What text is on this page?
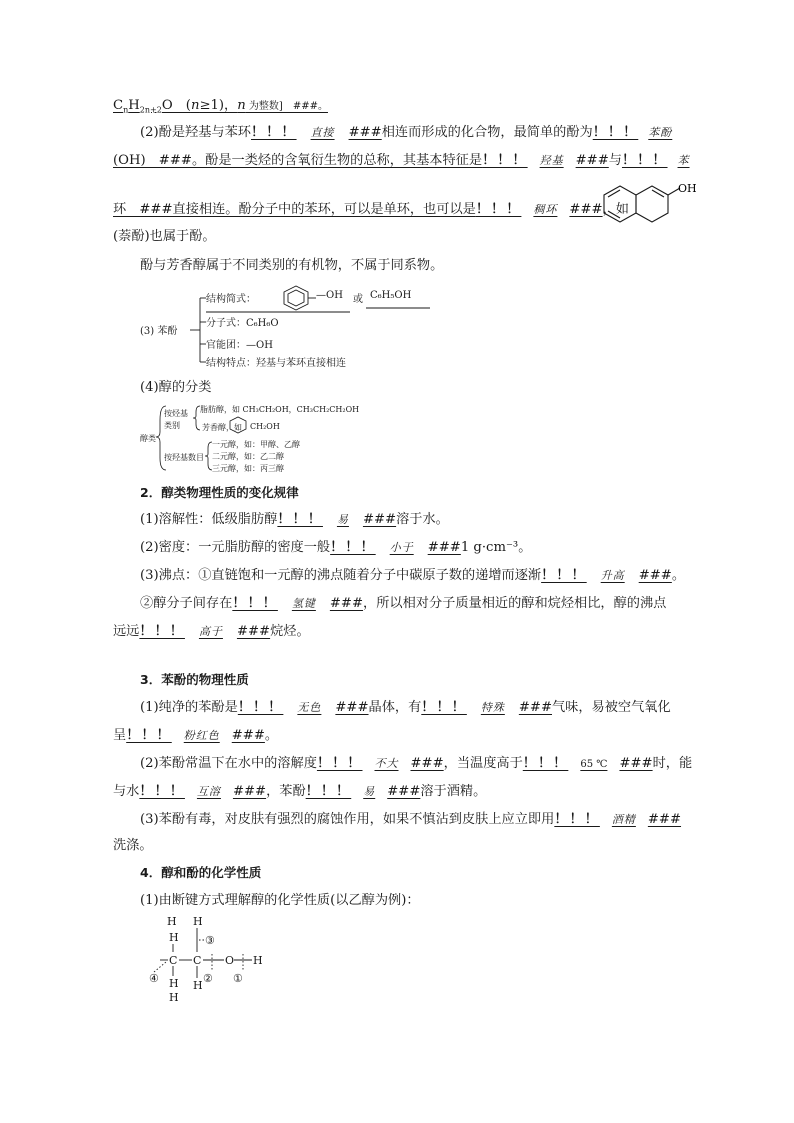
$C_nH_{2n+2}O$　(n≥1)，n 为整数]　###。
(2)酚是羟基与苯环！！！ 直接 ###相连而形成的化合物，最简单的酚为！！！ 苯酚
(OH)　###。酚是一类烃的含氧衍生物的总称，其基本特征是！！！ 羟基 ###与！！！ 苯
环　###直接相连。酚分子中的苯环，可以是单环，也可以是！！！ 稠环 ###，如
OH
(萘酚)也属于酚。
酚与芳香醇属于不同类别的有机物，不属于同系物。
(3) 苯酚
结构简式：	—OH 或 C₆H₅OH
分子式：C₆H₆O
官能团：—OH
结构特点：羟基与苯环直接相连
(4)醇的分类
醇类
按烃基
类别
脂肪醇，如 CH₃CH₂OH，CH₃CH₂CH₂OH
芳香醇，如 CH₂OH
按羟基数目
一元醇，如：甲醇、乙醇
二元醇，如：乙二醇
三元醇，如：丙三醇
2．醇类物理性质的变化规律
(1)溶解性：低级脂肪醇！！！ 易 ###溶于水。
(2)密度：一元脂肪醇的密度一般！！！ 小于 ###1 g·cm⁻³。
(3)沸点：①直链饱和一元醇的沸点随着分子中碳原子数的递增而逐渐！！！ 升高 ###。
②醇分子间存在！！！ 氢键 ###，所以相对分子质量相近的醇和烷烃相比，醇的沸点
远远！！！ 高于 ###烷烃。
3．苯酚的物理性质
(1)纯净的苯酚是！！！ 无色 ###晶体，有！！！ 特殊 ###气味，易被空气氧化
呈！！！ 粉红色 ###。
(2)苯酚常温下在水中的溶解度！！！ 不大 ###，当温度高于！！！ 65 ℃ ###时，能
与水！！！ 互溶 ###，苯酚！！！ 易 ###溶于酒精。
(3)苯酚有毒，对皮肤有强烈的腐蚀作用，如果不慎沾到皮肤上应立即用！！！ 酒精 ###
洗涤。
4．醇和酚的化学性质
(1)由断键方式理解醇的化学性质(以乙醇为例)：
H H
H
C C O H
H
H
H
③
② ①
④
